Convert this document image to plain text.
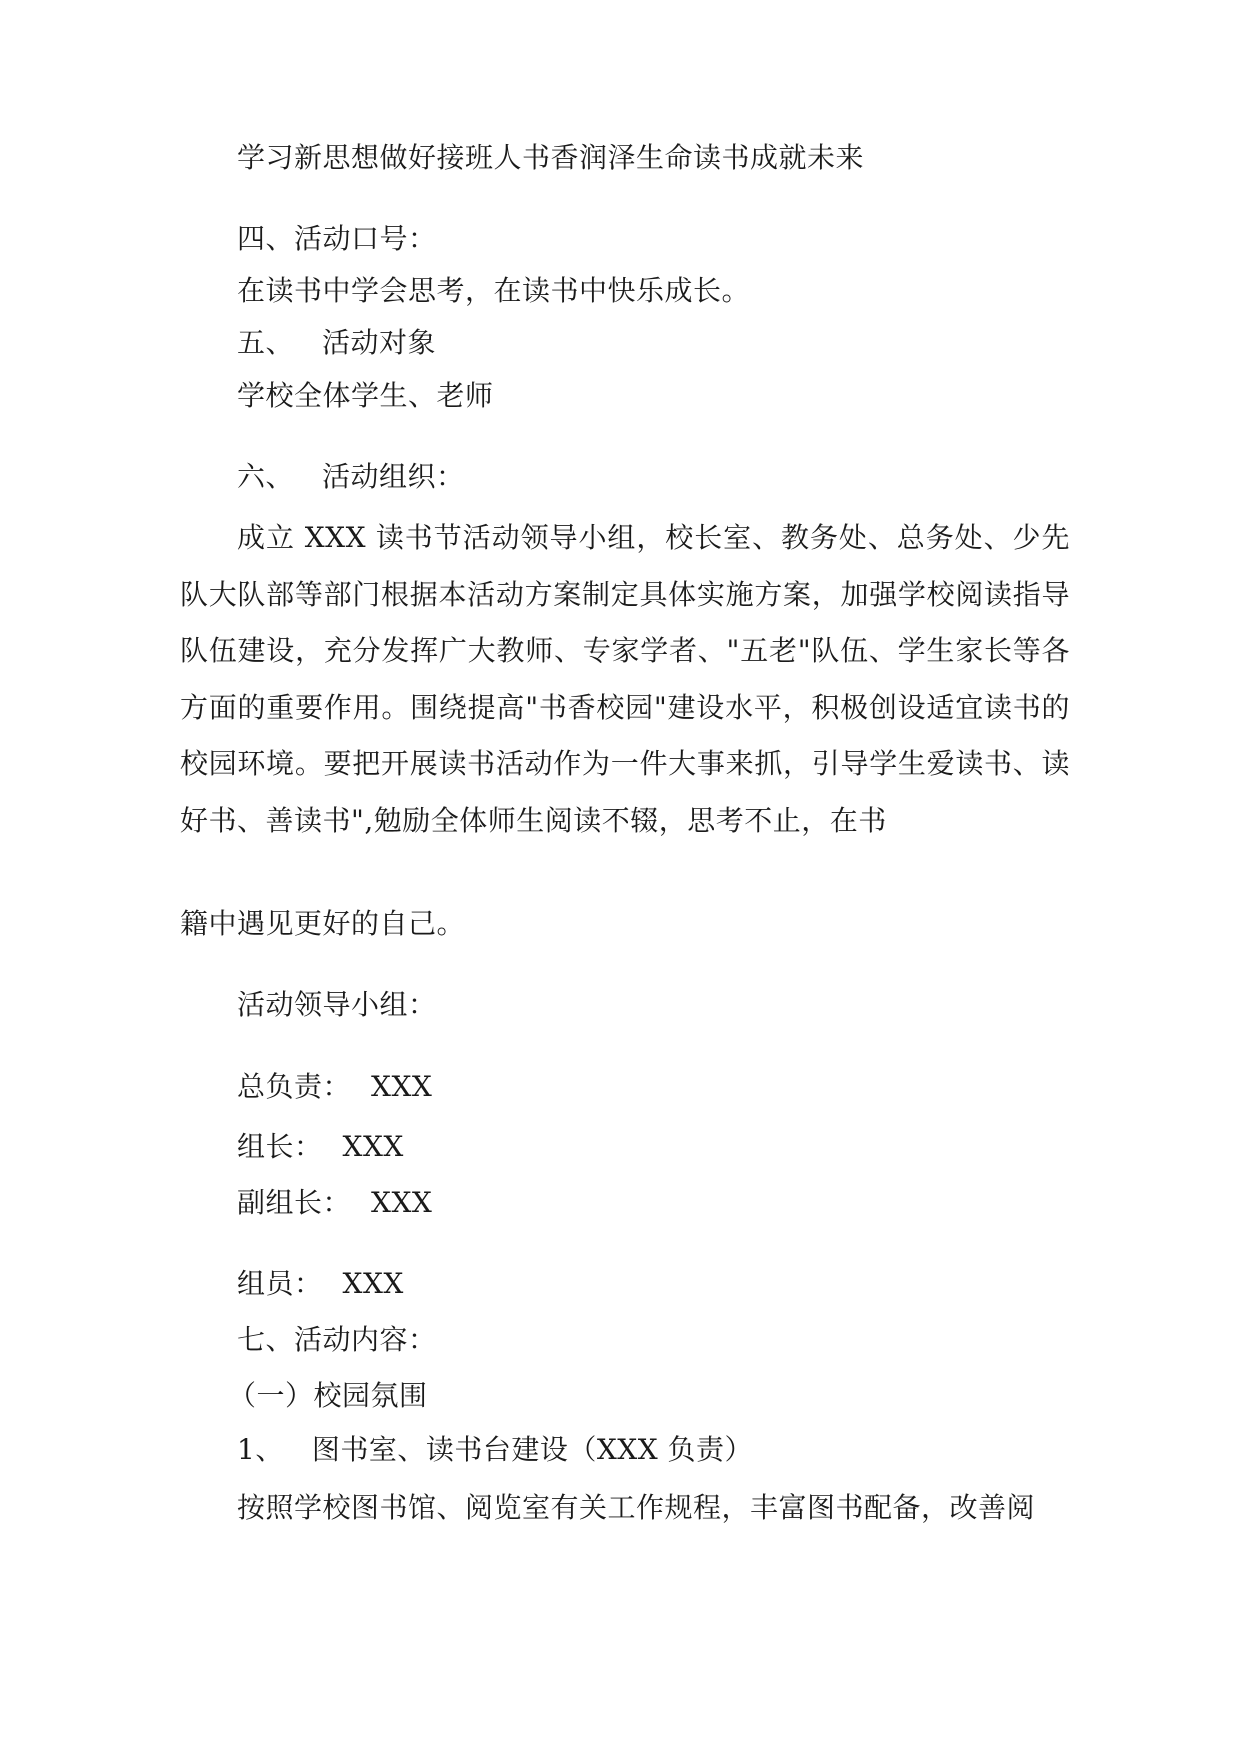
学习新思想做好接班人书香润泽生命读书成就未来
四、活动口号：
在读书中学会思考，在读书中快乐成长。
五、 活动对象
学校全体学生、老师
六、 活动组织：
成立 XXX 读书节活动领导小组，校长室、教务处、总务处、少先队大队部等部门根据本活动方案制定具体实施方案，加强学校阅读指导队伍建设，充分发挥广大教师、专家学者、"五老"队伍、学生家长等各方面的重要作用。围绕提高"书香校园"建设水平，积极创设适宜读书的校园环境。要把开展读书活动作为一件大事来抓，引导学生爱读书、读好书、善读书",勉励全体师生阅读不辍，思考不止，在书
籍中遇见更好的自己。
活动领导小组：
总负责： XXX
组长： XXX
副组长： XXX
组员： XXX
七、活动内容：
（一）校园氛围
1、 图书室、读书台建设（XXX 负责）
按照学校图书馆、阅览室有关工作规程，丰富图书配备，改善阅
